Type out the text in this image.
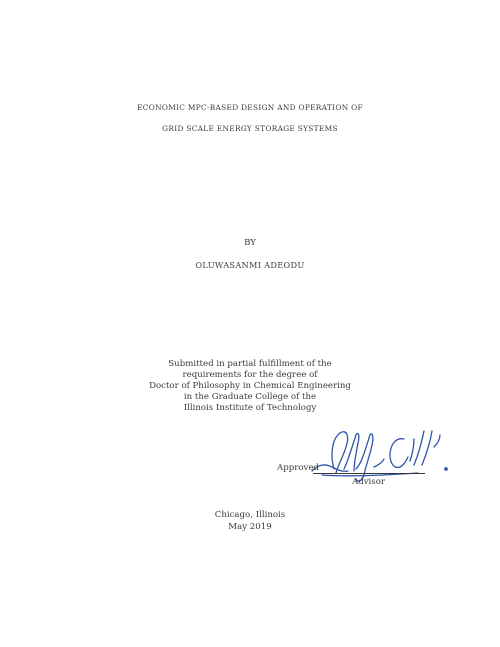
ECONOMIC MPC-BASED DESIGN AND OPERATION OF
GRID SCALE ENERGY STORAGE SYSTEMS
BY
OLUWASANMI ADEODU
Submitted in partial fulfillment of the
requirements for the degree of
Doctor of Philosophy in Chemical Engineering
in the Graduate College of the
Illinois Institute of Technology
Approved
Advisor
Chicago, Illinois
May 2019
